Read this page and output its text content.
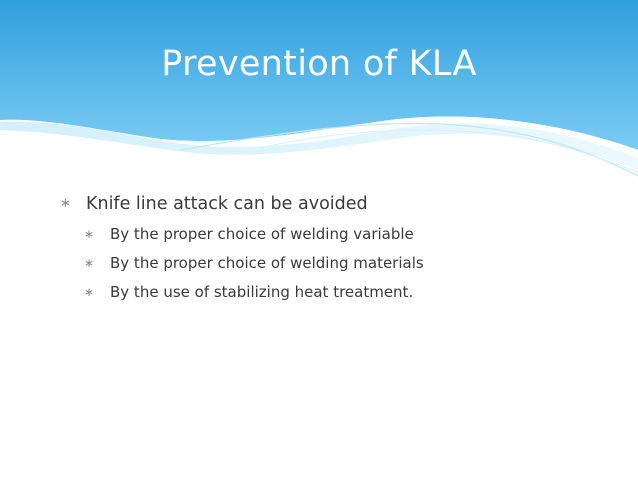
Prevention of KLA
∗ Knife line attack can be avoided
∗ By the proper choice of welding variable
∗ By the proper choice of welding materials
∗ By the use of stabilizing heat treatment.
